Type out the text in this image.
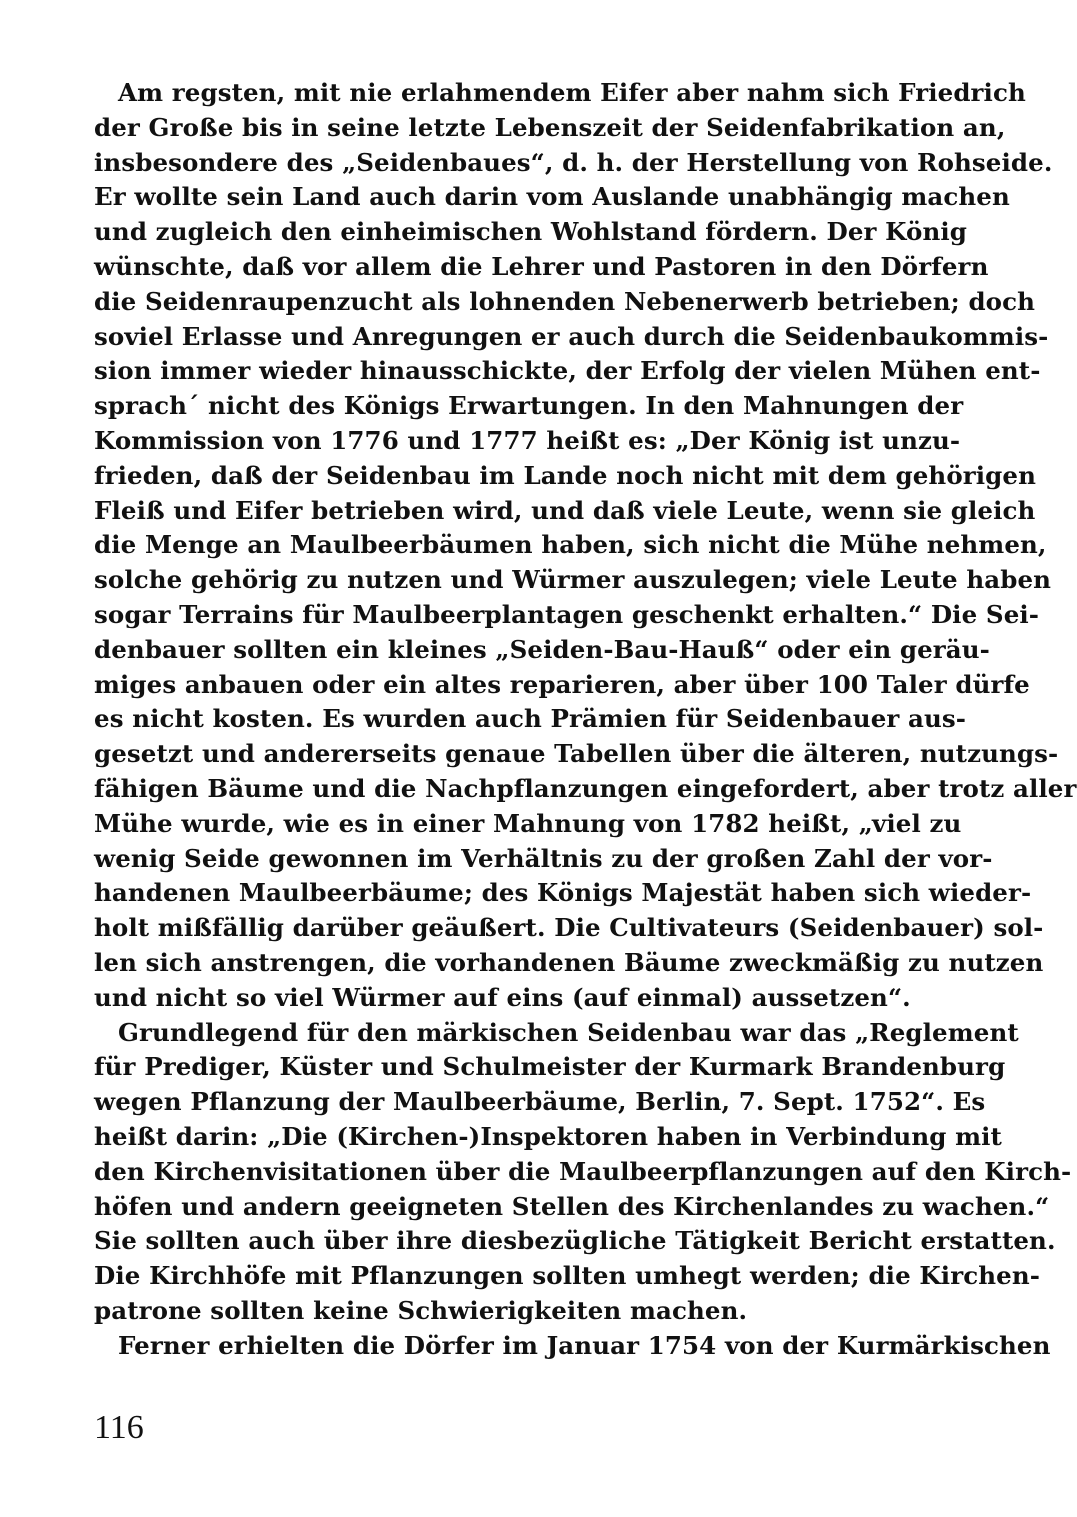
Am regsten, mit nie erlahmendem Eifer aber nahm sich Friedrich
der Große bis in seine letzte Lebenszeit der Seidenfabrikation an,
insbesondere des „Seidenbaues“, d. h. der Herstellung von Rohseide.
Er wollte sein Land auch darin vom Auslande unabhängig machen
und zugleich den einheimischen Wohlstand fördern. Der König
wünschte, daß vor allem die Lehrer und Pastoren in den Dörfern
die Seidenraupenzucht als lohnenden Nebenerwerb betrieben; doch
soviel Erlasse und Anregungen er auch durch die Seidenbaukommis-
sion immer wieder hinausschickte, der Erfolg der vielen Mühen ent-
sprach´ nicht des Königs Erwartungen. In den Mahnungen der
Kommission von 1776 und 1777 heißt es: „Der König ist unzu-
frieden, daß der Seidenbau im Lande noch nicht mit dem gehörigen
Fleiß und Eifer betrieben wird, und daß viele Leute, wenn sie gleich
die Menge an Maulbeerbäumen haben, sich nicht die Mühe nehmen,
solche gehörig zu nutzen und Würmer auszulegen; viele Leute haben
sogar Terrains für Maulbeerplantagen geschenkt erhalten.“ Die Sei-
denbauer sollten ein kleines „Seiden-Bau-Hauß“ oder ein geräu-
miges anbauen oder ein altes reparieren, aber über 100 Taler dürfe
es nicht kosten. Es wurden auch Prämien für Seidenbauer aus-
gesetzt und andererseits genaue Tabellen über die älteren, nutzungs-
fähigen Bäume und die Nachpflanzungen eingefordert, aber trotz aller
Mühe wurde, wie es in einer Mahnung von 1782 heißt, „viel zu
wenig Seide gewonnen im Verhältnis zu der großen Zahl der vor-
handenen Maulbeerbäume; des Königs Majestät haben sich wieder-
holt mißfällig darüber geäußert. Die Cultivateurs (Seidenbauer) sol-
len sich anstrengen, die vorhandenen Bäume zweckmäßig zu nutzen
und nicht so viel Würmer auf eins (auf einmal) aussetzen“.
Grundlegend für den märkischen Seidenbau war das „Reglement
für Prediger, Küster und Schulmeister der Kurmark Brandenburg
wegen Pflanzung der Maulbeerbäume, Berlin, 7. Sept. 1752“. Es
heißt darin: „Die (Kirchen-)Inspektoren haben in Verbindung mit
den Kirchenvisitationen über die Maulbeerpflanzungen auf den Kirch-
höfen und andern geeigneten Stellen des Kirchenlandes zu wachen.“
Sie sollten auch über ihre diesbezügliche Tätigkeit Bericht erstatten.
Die Kirchhöfe mit Pflanzungen sollten umhegt werden; die Kirchen-
patrone sollten keine Schwierigkeiten machen.
Ferner erhielten die Dörfer im Januar 1754 von der Kurmärkischen
116
